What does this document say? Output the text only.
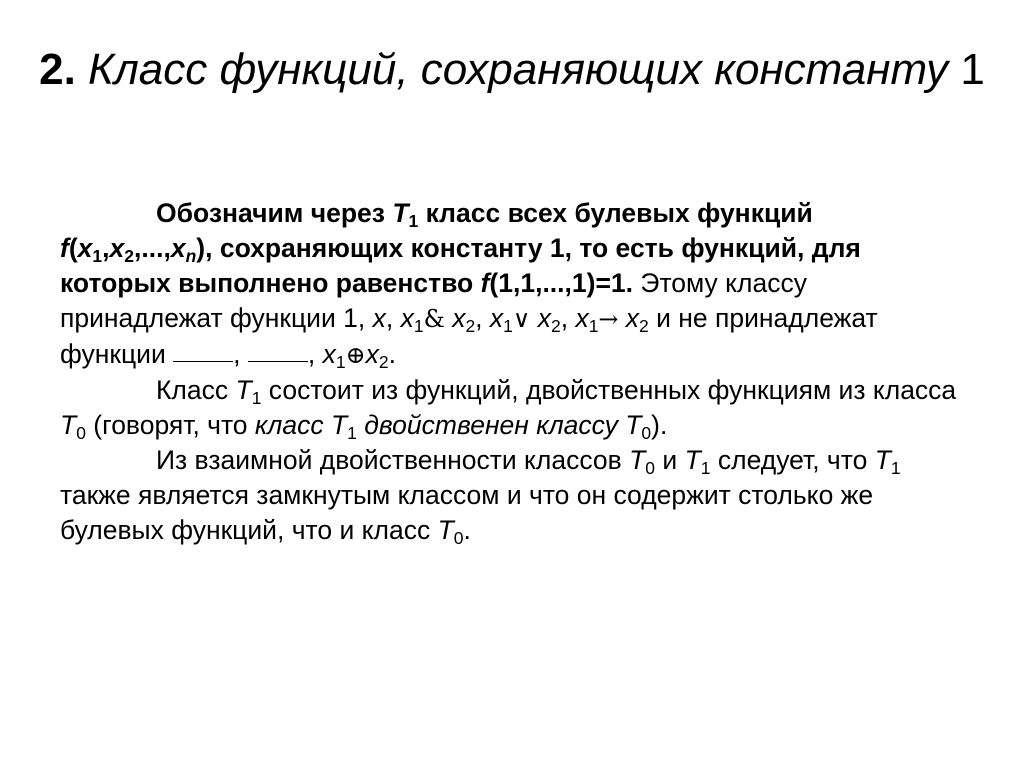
2. Класс функций, сохраняющих константу 1

Обозначим через $T_1$ класс всех булевых функций $f(x_1,x_2,...,x_n)$, сохраняющих константу 1, то есть функций, для которых выполнено равенство f(1,1,...,1)=1. Этому классу принадлежат функции 1, x, $x_1\&$ $x_2$, $x_1\vee$ $x_2$, $x_1\to x_2$ и не принадлежат функции , , $x_1\oplus x_2$.

Класс $T_1$ состоит из функций, двойственных функциям из класса $T_0$ (говорят, что класс $T_1$ двойственен классу $T_0$).

Из взаимной двойственности классов $T_0$ и $T_1$ следует, что $T_1$ также является замкнутым классом и что он содержит столько же булевых функций, что и класс $T_0$.
